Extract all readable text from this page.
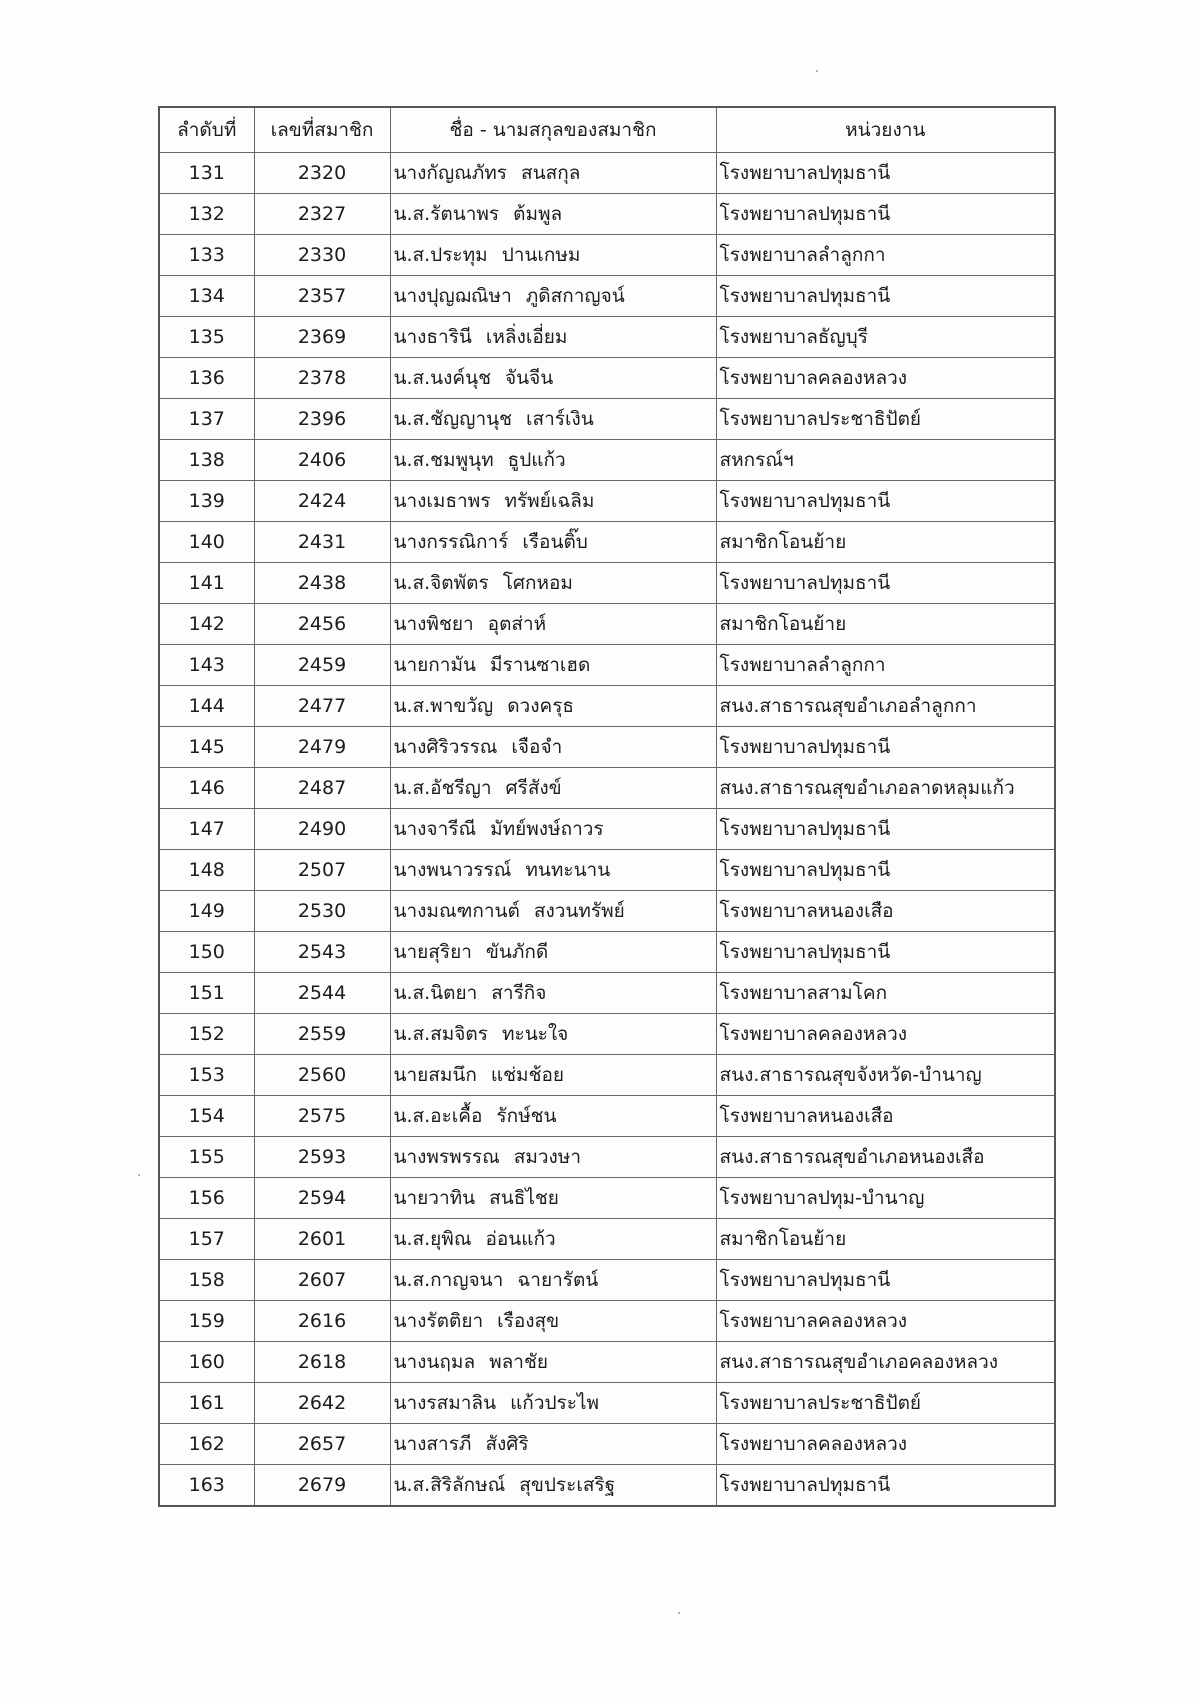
ลำดับที่	เลขที่สมาชิก	ชื่อ - นามสกุลของสมาชิก	หน่วยงาน
131	2320	นางกัญณภัทร สนสกุล	โรงพยาบาลปทุมธานี
132	2327	น.ส.รัตนาพร ต้มพูล	โรงพยาบาลปทุมธานี
133	2330	น.ส.ประทุม ปานเกษม	โรงพยาบาลลำลูกกา
134	2357	นางปุญฌณิษา ภูดิสกาญจน์	โรงพยาบาลปทุมธานี
135	2369	นางธารินี เหลิ่งเอี่ยม	โรงพยาบาลธัญบุรี
136	2378	น.ส.นงค์นุช จันจีน	โรงพยาบาลคลองหลวง
137	2396	น.ส.ชัญญานุช เสาร์เงิน	โรงพยาบาลประชาธิปัตย์
138	2406	น.ส.ชมพูนุท ธูปแก้ว	สหกรณ์ฯ
139	2424	นางเมธาพร ทรัพย์เฉลิม	โรงพยาบาลปทุมธานี
140	2431	นางกรรณิการ์ เรือนติ๊บ	สมาชิกโอนย้าย
141	2438	น.ส.จิตพัตร โศกหอม	โรงพยาบาลปทุมธานี
142	2456	นางพิชยา อุตส่าห์	สมาชิกโอนย้าย
143	2459	นายกามัน มีรานซาเฮด	โรงพยาบาลลำลูกกา
144	2477	น.ส.พาขวัญ ดวงครุธ	สนง.สาธารณสุขอำเภอลำลูกกา
145	2479	นางศิริวรรณ เจือจำ	โรงพยาบาลปทุมธานี
146	2487	น.ส.อัชรีญา ศรีสังข์	สนง.สาธารณสุขอำเภอลาดหลุมแก้ว
147	2490	นางจารีณี มัทย์พงษ์ถาวร	โรงพยาบาลปทุมธานี
148	2507	นางพนาวรรณ์ ทนทะนาน	โรงพยาบาลปทุมธานี
149	2530	นางมณฑกานต์ สงวนทรัพย์	โรงพยาบาลหนองเสือ
150	2543	นายสุริยา ขันภักดี	โรงพยาบาลปทุมธานี
151	2544	น.ส.นิตยา สารีกิจ	โรงพยาบาลสามโคก
152	2559	น.ส.สมจิตร ทะนะใจ	โรงพยาบาลคลองหลวง
153	2560	นายสมนึก แช่มช้อย	สนง.สาธารณสุขจังหวัด-บำนาญ
154	2575	น.ส.อะเคื้อ รักษ์ชน	โรงพยาบาลหนองเสือ
155	2593	นางพรพรรณ สมวงษา	สนง.สาธารณสุขอำเภอหนองเสือ
156	2594	นายวาทิน สนธิไชย	โรงพยาบาลปทุม-บำนาญ
157	2601	น.ส.ยุพิณ อ่อนแก้ว	สมาชิกโอนย้าย
158	2607	น.ส.กาญจนา ฉายารัตน์	โรงพยาบาลปทุมธานี
159	2616	นางรัตติยา เรืองสุข	โรงพยาบาลคลองหลวง
160	2618	นางนฤมล พลาชัย	สนง.สาธารณสุขอำเภอคลองหลวง
161	2642	นางรสมาลิน แก้วประไพ	โรงพยาบาลประชาธิปัตย์
162	2657	นางสารภี สังศิริ	โรงพยาบาลคลองหลวง
163	2679	น.ส.สิริลักษณ์ สุขประเสริฐ	โรงพยาบาลปทุมธานี
